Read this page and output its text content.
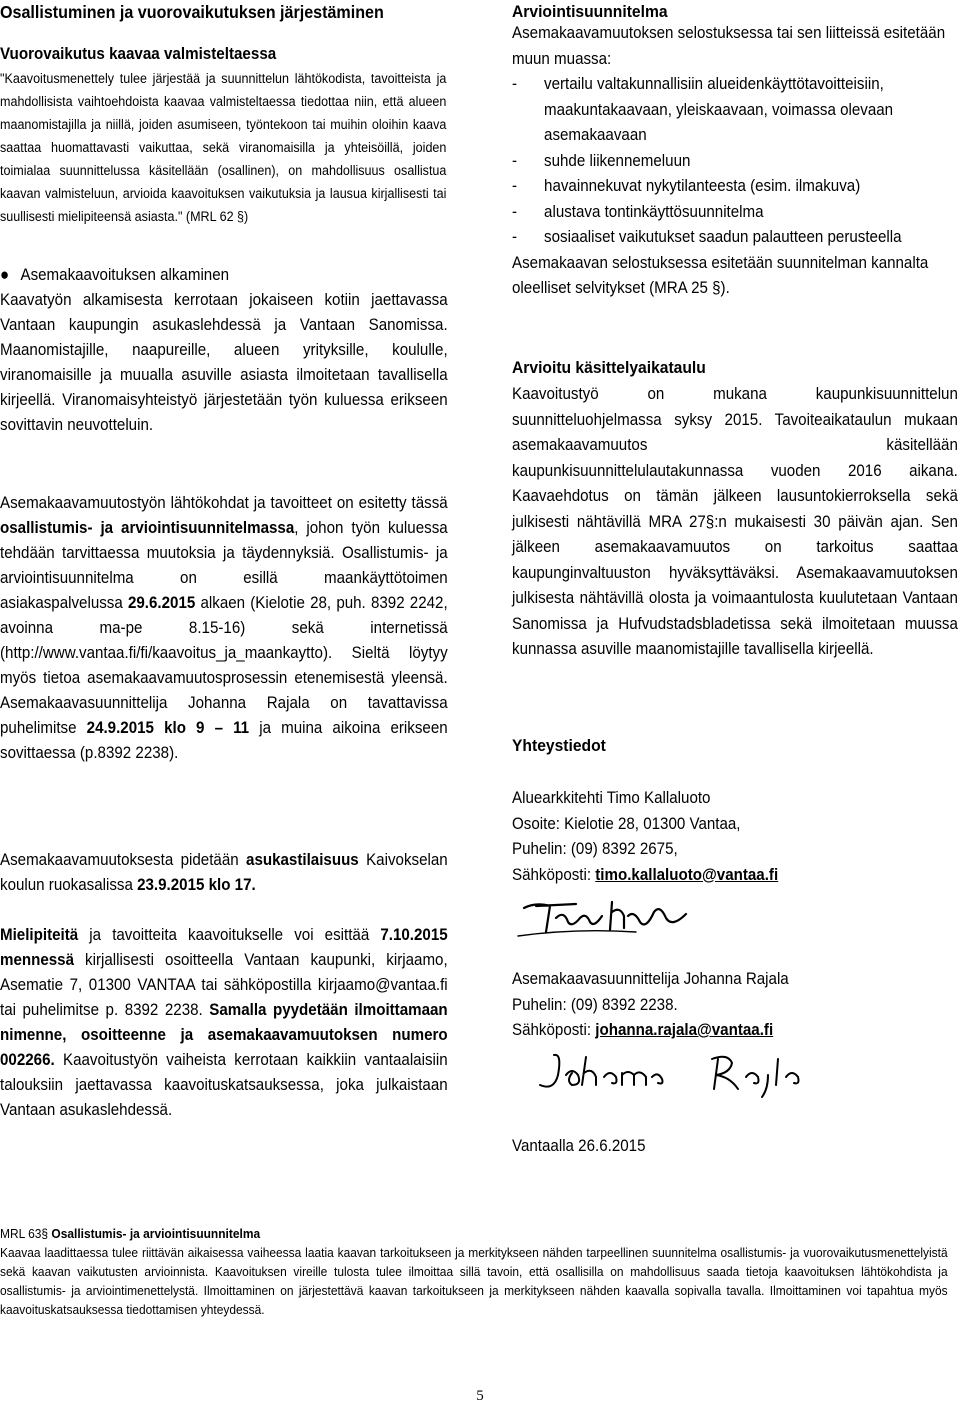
Osallistuminen ja vuorovaikutuksen järjestäminen
Vuorovaikutus kaavaa valmisteltaessa

"Kaavoitusmenettely tulee järjestää ja suunnittelun lähtökodista, tavoitteista ja mahdollisista vaihtoehdoista kaavaa valmisteltaessa tiedottaa niin, että alueen maanomistajilla ja niillä, joiden asumiseen, työntekoon tai muihin oloihin kaava saattaa huomattavasti vaikuttaa, sekä viranomaisilla ja yhteisöillä, joiden toimialaa suunnittelussa käsitellään (osallinen), on mahdollisuus osallistua kaavan valmisteluun, arvioida kaavoituksen vaikutuksia ja lausua kirjallisesti tai suullisesti mielipiteensä asiasta." (MRL 62 §)

● Asemakaavoituksen alkaminen

Kaavatyön alkamisesta kerrotaan jokaiseen kotiin jaettavassa Vantaan kaupungin asukaslehdessä ja Vantaan Sanomissa. Maanomistajille, naapureille, alueen yrityksille, koululle, viranomaisille ja muualla asuville asiasta ilmoitetaan tavallisella kirjeellä. Viranomaisyhteistyö järjestetään työn kuluessa erikseen sovittavin neuvotteluin.

Asemakaavamuutostyön lähtökohdat ja tavoitteet on esitetty tässä osallistumis- ja arviointisuunnitelmassa, johon työn kuluessa tehdään tarvittaessa muutoksia ja täydennyksiä. Osallistumis- ja arviointisuunnitelma on esillä maankäyttötoimen asiakaspalvelussa 29.6.2015 alkaen (Kielotie 28, puh. 8392 2242, avoinna ma-pe 8.15-16) sekä internetissä (http://www.vantaa.fi/fi/kaavoitus_ja_maankaytto). Sieltä löytyy myös tietoa asemakaavamuutosprosessin etenemisestä yleensä. Asemakaavasuunnittelija Johanna Rajala on tavattavissa puhelimitse 24.9.2015 klo 9 – 11 ja muina aikoina erikseen sovittaessa (p.8392 2238).

Asemakaavamuutoksesta pidetään asukastilaisuus Kaivokselan koulun ruokasalissa 23.9.2015 klo 17.

Mielipiteitä ja tavoitteita kaavoitukselle voi esittää 7.10.2015 mennessä kirjallisesti osoitteella Vantaan kaupunki, kirjaamo, Asematie 7, 01300 VANTAA tai sähköpostilla kirjaamo@vantaa.fi tai puhelimitse p. 8392 2238. Samalla pyydetään ilmoittamaan nimenne, osoitteenne ja asemakaavamuutoksen numero 002266. Kaavoitustyön vaiheista kerrotaan kaikkiin vantaalaisiin talouksiin jaettavassa kaavoituskatsauksessa, joka julkaistaan Vantaan asukaslehdessä.

Arviointisuunnitelma

Asemakaavamuutoksen selostuksessa tai sen liitteissä esitetään muun muassa:

- vertailu valtakunnallisiin alueidenkäyttötavoitteisiin, maakuntakaavaan, yleiskaavaan, voimassa olevaan asemakaavaan
- suhde liikennemeluun
- havainnekuvat nykytilanteesta (esim. ilmakuva)
- alustava tontinkäyttösuunnitelma
- sosiaaliset vaikutukset saadun palautteen perusteella

Asemakaavan selostuksessa esitetään suunnitelman kannalta oleelliset selvitykset (MRA 25 §).

Arvioitu käsittelyaikataulu

Kaavoitustyö on mukana kaupunkisuunnittelun suunnitteluohjelmassa syksy 2015. Tavoiteaikataulun mukaan asemakaavamuutos käsitellään kaupunkisuunnittelulautakunnassa vuoden 2016 aikana. Kaavaehdotus on tämän jälkeen lausuntokierroksella sekä julkisesti nähtävillä MRA 27§:n mukaisesti 30 päivän ajan. Sen jälkeen asemakaavamuutos on tarkoitus saattaa kaupunginvaltuuston hyväksyttäväksi. Asemakaavamuutoksen julkisesta nähtävillä olosta ja voimaantulosta kuulutetaan Vantaan Sanomissa ja Hufvudstadsbladetissa sekä ilmoitetaan muussa kunnassa asuville maanomistajille tavallisella kirjeellä.

Yhteystiedot

Aluearkkitehti Timo Kallaluoto

Osoite: Kielotie 28, 01300 Vantaa,

Puhelin: (09) 8392 2675,

Sähköposti: timo.kallaluoto@vantaa.fi

Asemakaavasuunnittelija Johanna Rajala

Puhelin: (09) 8392 2238.

Sähköposti: johanna.rajala@vantaa.fi

Vantaalla 26.6.2015

MRL 63§ Osallistumis- ja arviointisuunnitelma

Kaavaa laadittaessa tulee riittävän aikaisessa vaiheessa laatia kaavan tarkoitukseen ja merkitykseen nähden tarpeellinen suunnitelma osallistumis- ja vuorovaikutusmenettelyistä sekä kaavan vaikutusten arvioinnista. Kaavoituksen vireille tulosta tulee ilmoittaa sillä tavoin, että osallisilla on mahdollisuus saada tietoja kaavoituksen lähtökohdista ja osallistumis- ja arviointimenettelystä. Ilmoittaminen on järjestettävä kaavan tarkoitukseen ja merkitykseen nähden kaavalla sopivalla tavalla. Ilmoittaminen voi tapahtua myös kaavoituskatsauksessa tiedottamisen yhteydessä.

5
